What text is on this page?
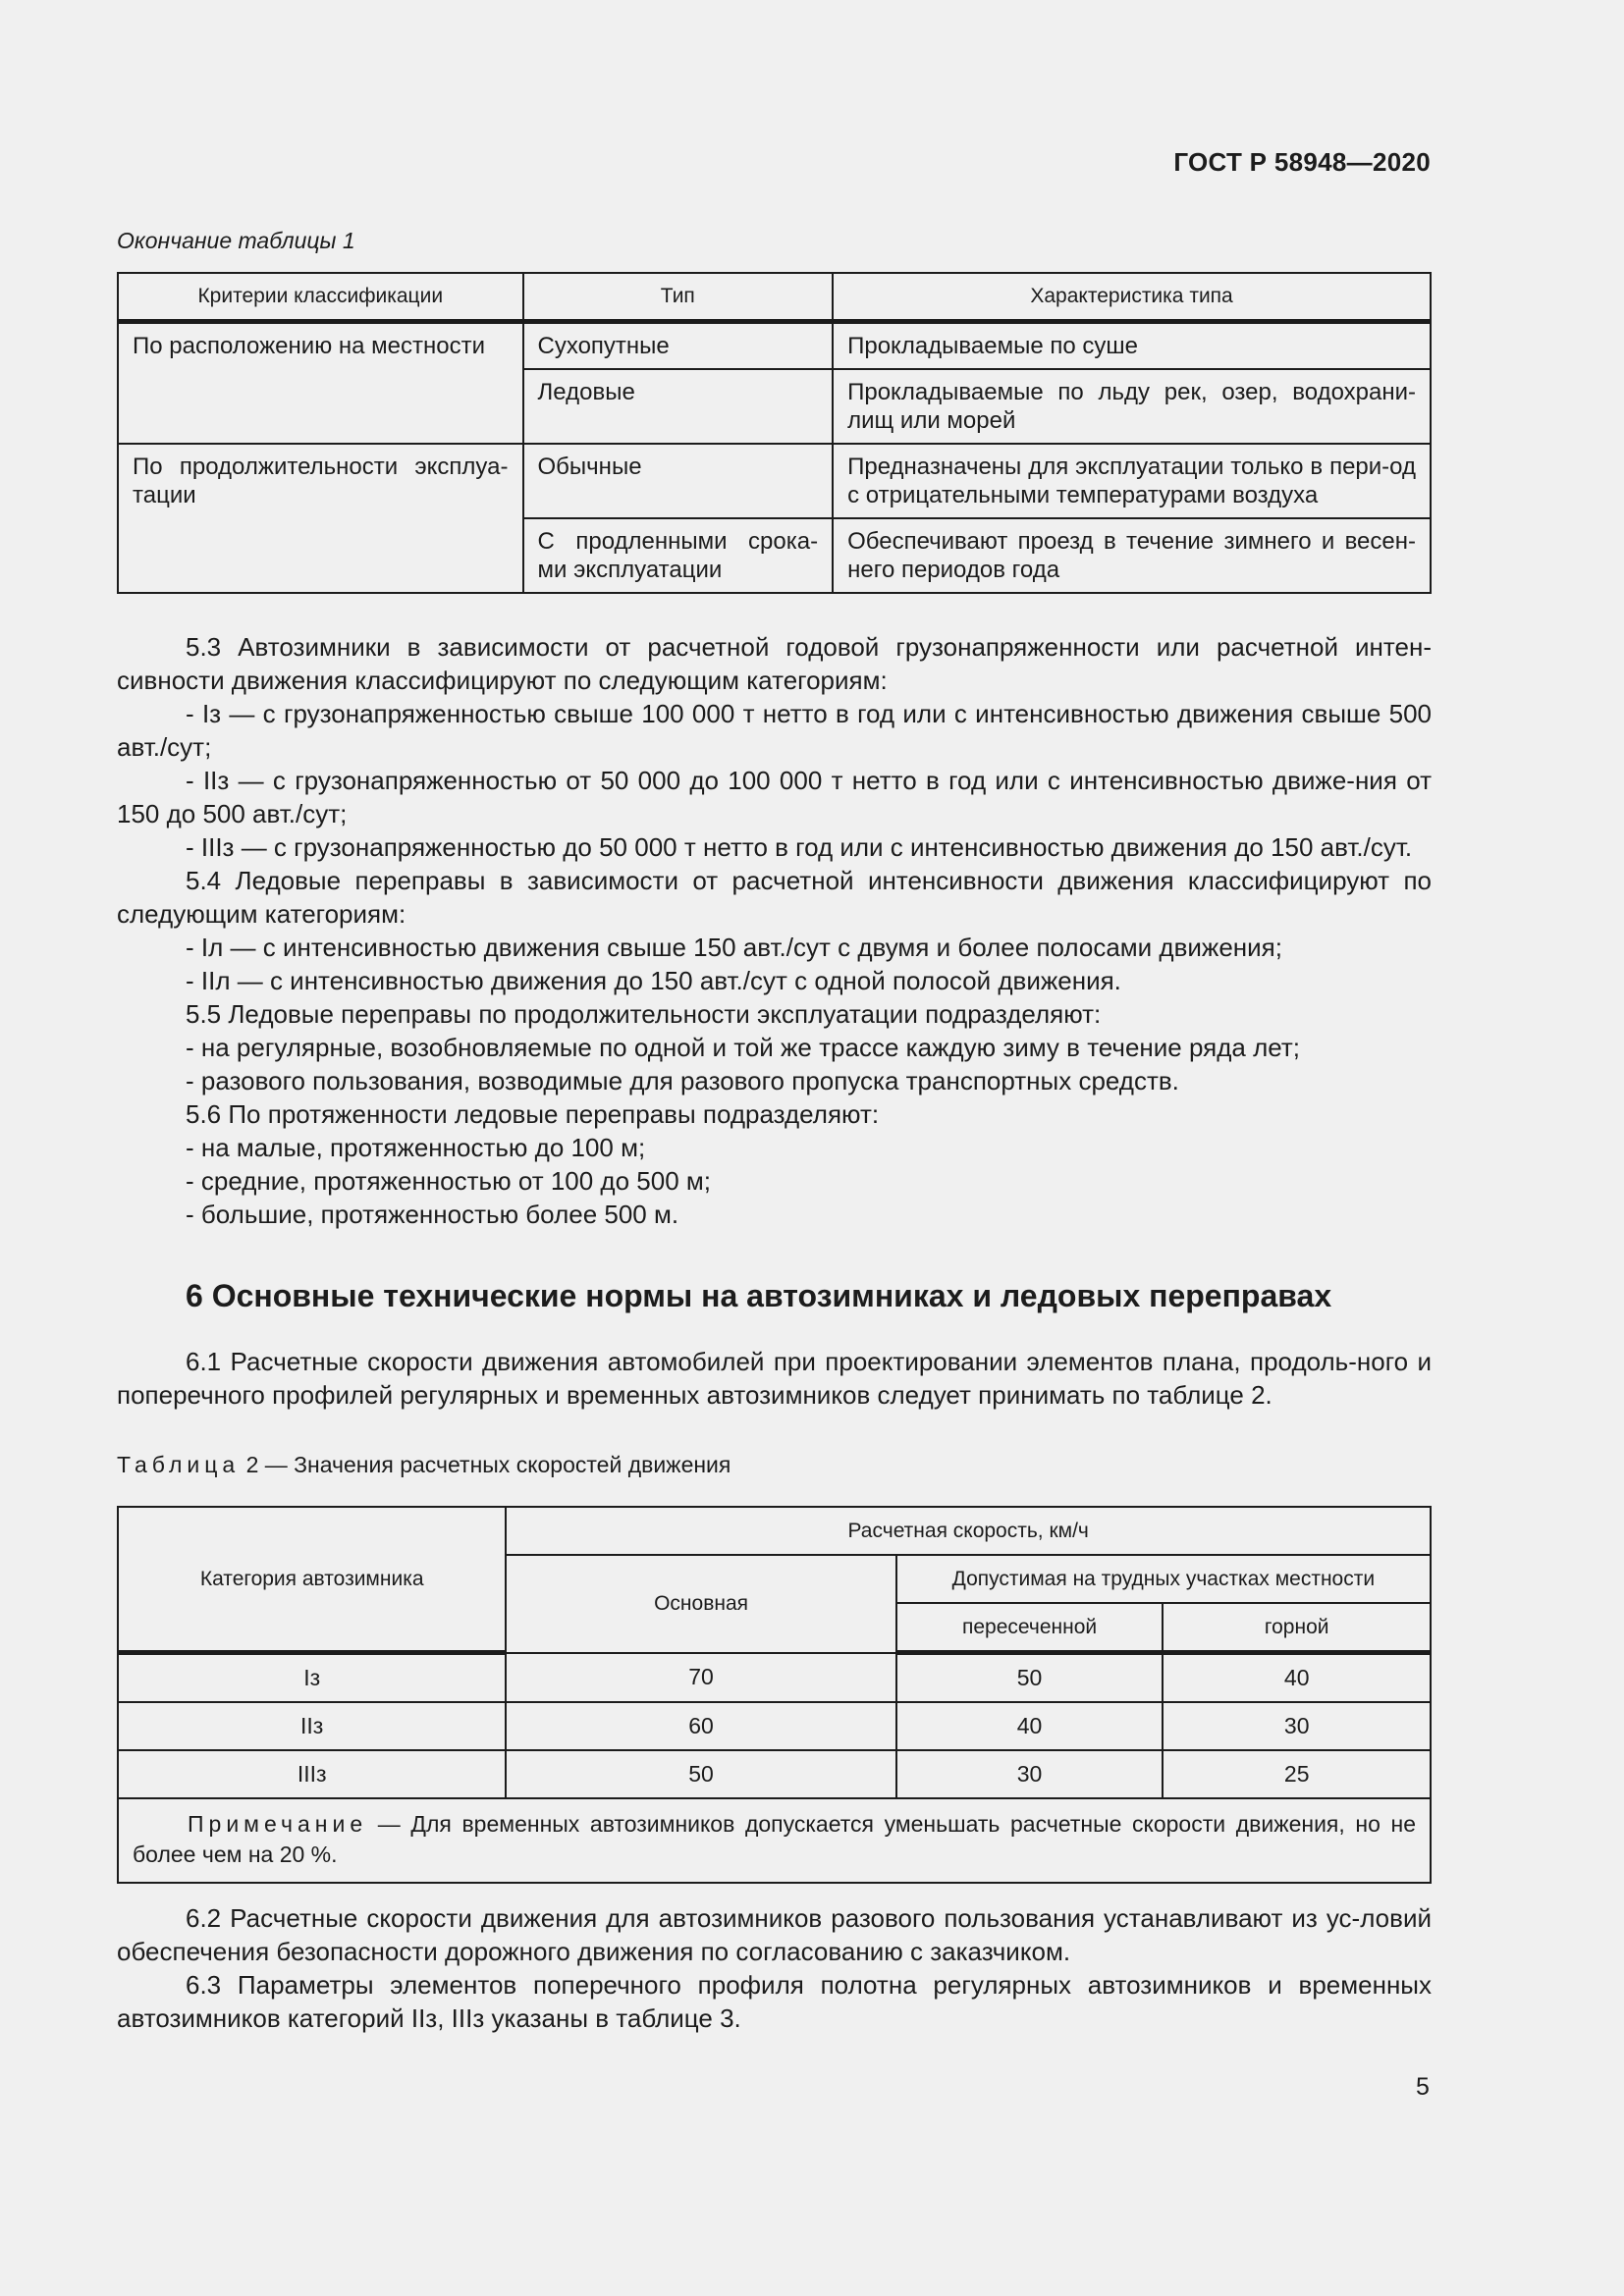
ГОСТ Р 58948—2020
Окончание таблицы 1
Критерии классификации	Тип	Характеристика типа
По расположению на местности	Сухопутные	Прокладываемые по суше
	Ледовые	Прокладываемые по льду рек, озер, водохрани-лищ или морей
По продолжительности эксплуа-тации	Обычные	Предназначены для эксплуатации только в пери-од с отрицательными температурами воздуха
	С продленными срока-ми эксплуатации	Обеспечивают проезд в течение зимнего и весен-него периодов года

5.3 Автозимники в зависимости от расчетной годовой грузонапряженности или расчетной интен-сивности движения классифицируют по следующим категориям:

- Iз — с грузонапряженностью свыше 100 000 т нетто в год или с интенсивностью движения свыше 500 авт./сут;

- IIз — с грузонапряженностью от 50 000 до 100 000 т нетто в год или с интенсивностью движе-ния от 150 до 500 авт./сут;

- IIIз — с грузонапряженностью до 50 000 т нетто в год или с интенсивностью движения до 150 авт./сут.

5.4 Ледовые переправы в зависимости от расчетной интенсивности движения классифицируют по следующим категориям:

- Iл — с интенсивностью движения свыше 150 авт./сут с двумя и более полосами движения;

- IIл — с интенсивностью движения до 150 авт./сут с одной полосой движения.

5.5 Ледовые переправы по продолжительности эксплуатации подразделяют:

- на регулярные, возобновляемые по одной и той же трассе каждую зиму в течение ряда лет;

- разового пользования, возводимые для разового пропуска транспортных средств.

5.6 По протяженности ледовые переправы подразделяют:

- на малые, протяженностью до 100 м;

- средние, протяженностью от 100 до 500 м;

- большие, протяженностью более 500 м.

6 Основные технические нормы на автозимниках и ледовых переправах

6.1 Расчетные скорости движения автомобилей при проектировании элементов плана, продоль-ного и поперечного профилей регулярных и временных автозимников следует принимать по таблице 2.

Таблица 2 — Значения расчетных скоростей движения
Категория автозимника	Расчетная скорость, км/ч		
	Основная	Допустимая на трудных участках местности	
		пересеченной	горной
Iз	70	50	40
IIз	60	40	30
IIIз	50	30	25
Примечание — Для временных автозимников допускается уменьшать расчетные скорости движения, но не более чем на 20 %.			

6.2 Расчетные скорости движения для автозимников разового пользования устанавливают из ус-ловий обеспечения безопасности дорожного движения по согласованию с заказчиком.

6.3 Параметры элементов поперечного профиля полотна регулярных автозимников и временных автозимников категорий IIз, IIIз указаны в таблице 3.

5
